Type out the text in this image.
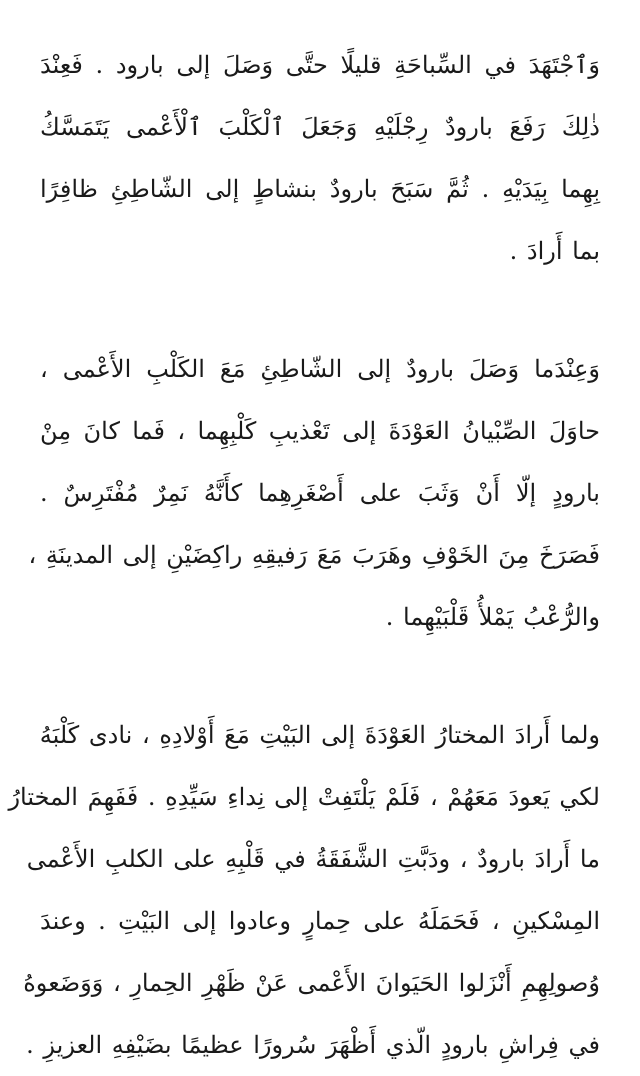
وَٱجْتَهَدَ في السِّباحَةِ قليلًا حتَّى وَصَلَ إلى بارود . فَعِنْدَ
ذٰلِكَ رَفَعَ بارودٌ رِجْلَيْهِ وَجَعَلَ ٱلْكَلْبَ ٱلْأَعْمى يَتَمَسَّكُ
بِهِما بِيَدَيْهِ . ثُمَّ سَبَحَ بارودٌ بنشاطٍ إلى الشّاطِئِ ظافِرًا
بما أَرادَ .
وَعِنْدَما وَصَلَ بارودٌ إلى الشّاطِئِ مَعَ الكَلْبِ الأَعْمى ،
حاوَلَ الصِّبْيانُ العَوْدَةَ إلى تَعْذيبِ كَلْبِهِما ، فَما كانَ مِنْ
بارودٍ إلّا أَنْ وَثَبَ على أَصْغَرِهِما كأَنَّهُ نَمِرٌ مُفْتَرِسٌ .
فَصَرَخَ مِنَ الخَوْفِ وهَرَبَ مَعَ رَفيقِهِ راكِضَيْنِ إلى المدينَةِ ،
والرُّعْبُ يَمْلأُ قَلْبَيْهِما .
ولما أَرادَ المختارُ العَوْدَةَ إلى البَيْتِ مَعَ أَوْلادِهِ ، نادى كَلْبَهُ
لكي يَعودَ مَعَهُمْ ، فَلَمْ يَلْتَفِتْ إلى نِداءِ سَيِّدِهِ . فَفَهِمَ المختارُ
ما أَرادَ بارودٌ ، ودَبَّتِ الشَّفَقَةُ في قَلْبِهِ على الكلبِ الأَعْمى
المِسْكينِ ، فَحَمَلَهُ على حِمارٍ وعادوا إلى البَيْتِ . وعندَ
وُصولِهِمِ أَنْزَلوا الحَيَوانَ الأَعْمى عَنْ ظَهْرِ الحِمارِ ، وَوَضَعوهُ
في فِراشِ بارودٍ الّذي أَظْهَرَ سُرورًا عظيمًا بضَيْفِهِ العزيزِ .
